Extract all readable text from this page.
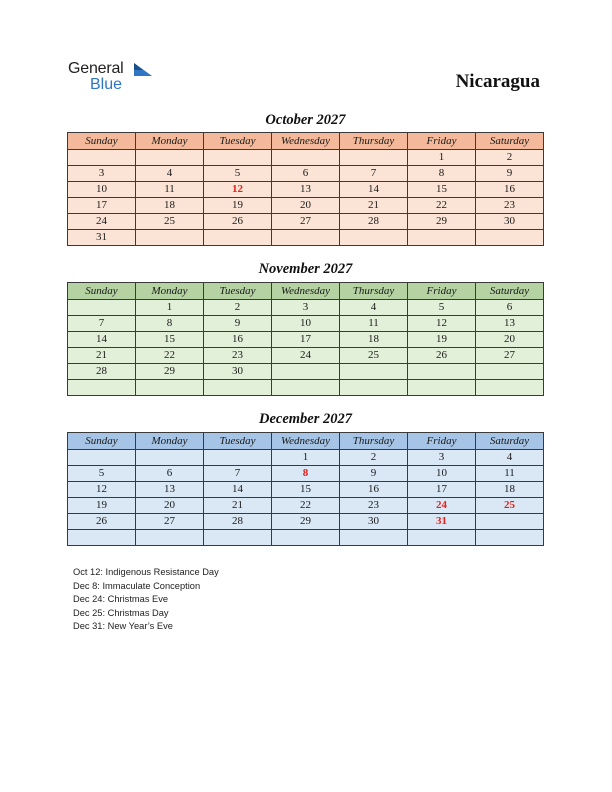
General
Blue	Nicaragua
October 2027
Sunday	Monday	Tuesday	Wednesday	Thursday	Friday	Saturday
					1	2
3	4	5	6	7	8	9
10	11	12	13	14	15	16
17	18	19	20	21	22	23
24	25	26	27	28	29	30
31						
November 2027
Sunday	Monday	Tuesday	Wednesday	Thursday	Friday	Saturday
	1	2	3	4	5	6
7	8	9	10	11	12	13
14	15	16	17	18	19	20
21	22	23	24	25	26	27
28	29	30				

December 2027
Sunday	Monday	Tuesday	Wednesday	Thursday	Friday	Saturday
			1	2	3	4
5	6	7	8	9	10	11
12	13	14	15	16	17	18
19	20	21	22	23	24	25
26	27	28	29	30	31	

Oct 12: Indigenous Resistance Day
Dec 8: Immaculate Conception
Dec 24: Christmas Eve
Dec 25: Christmas Day
Dec 31: New Year’s Eve
